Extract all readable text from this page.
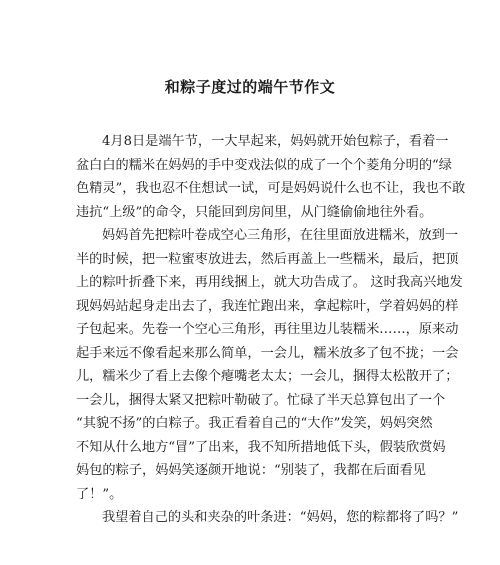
和粽子度过的端午节作文
4月8日是端午节，一大早起来，妈妈就开始包粽子，看着一
盆白白的糯米在妈妈的手中变戏法似的成了一个个菱角分明的“绿
色精灵”，我也忍不住想试一试，可是妈妈说什么也不让，我也不敢
违抗“上级”的命令，只能回到房间里，从门缝偷偷地往外看。
妈妈首先把粽叶卷成空心三角形，在往里面放进糯米，放到一
半的时候，把一粒蜜枣放进去，然后再盖上一些糯米，最后，把顶
上的粽叶折叠下来，再用线捆上，就大功告成了。 这时我高兴地发
现妈妈站起身走出去了，我连忙跑出来，拿起粽叶，学着妈妈的样
子包起来。先卷一个空心三角形，再往里边儿装糯米……，原来动
起手来远不像看起来那么简单，一会儿，糯米放多了包不拢；一会
儿，糯米少了看上去像个瘪嘴老太太；一会儿，捆得太松散开了；
一会儿，捆得太紧又把粽叶勒破了。忙碌了半天总算包出了一个
“其貌不扬”的白粽子。我正看着自己的“大作”发笑，妈妈突然
不知从什么地方“冒”了出来，我不知所措地低下头，假装欣赏妈
妈包的粽子，妈妈笑逐颜开地说：“别装了，我都在后面看见
了！”。
我望着自己的头和夹杂的叶条进：“妈妈，您的粽都将了吗？”
